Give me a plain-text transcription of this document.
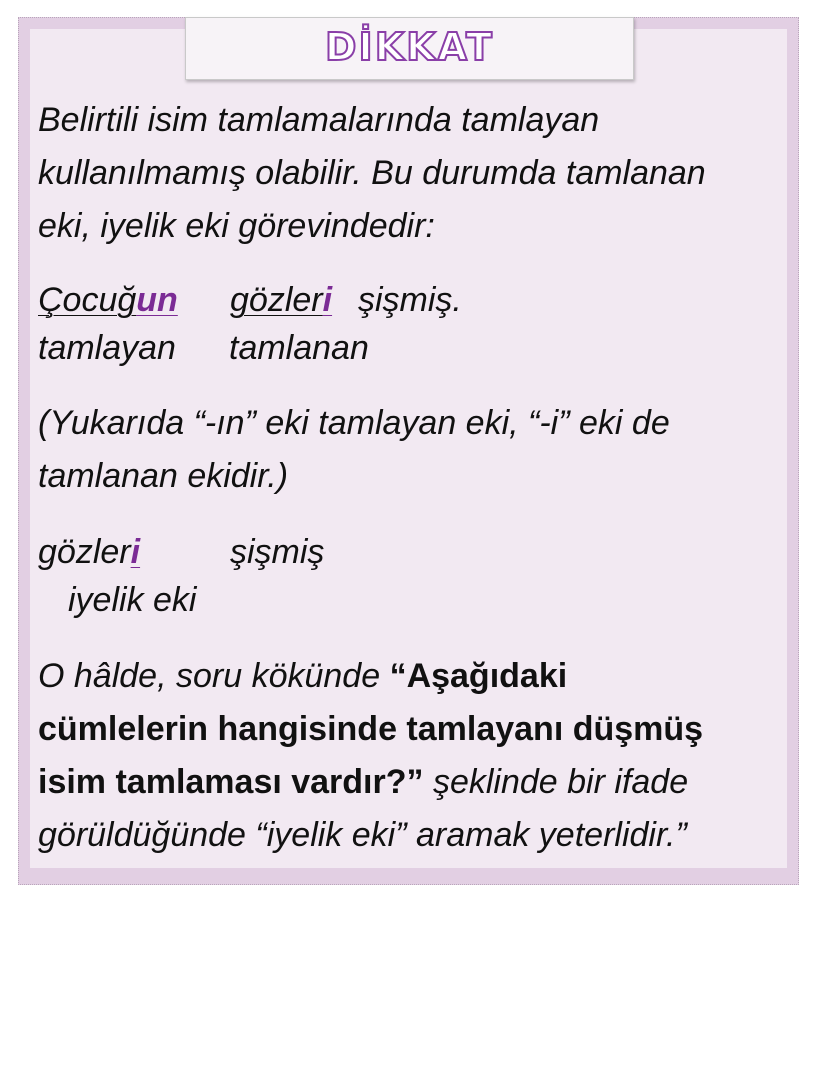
DİKKAT
Belirtili isim tamlamalarında tamlayan
kullanılmamış olabilir. Bu durumda tamlanan
eki, iyelik eki görevindedir:
Çocuğun gözleri şişmiş.
tamlayan tamlanan
(Yukarıda “-ın” eki tamlayan eki, “-i” eki de
tamlanan ekidir.)
gözleri	şişmiş
iyelik eki
O hâlde, soru kökünde “Aşağıdaki
cümlelerin hangisinde tamlayanı düşmüş
isim tamlaması vardır?” şeklinde bir ifade
görüldüğünde “iyelik eki” aramak yeterlidir.”
